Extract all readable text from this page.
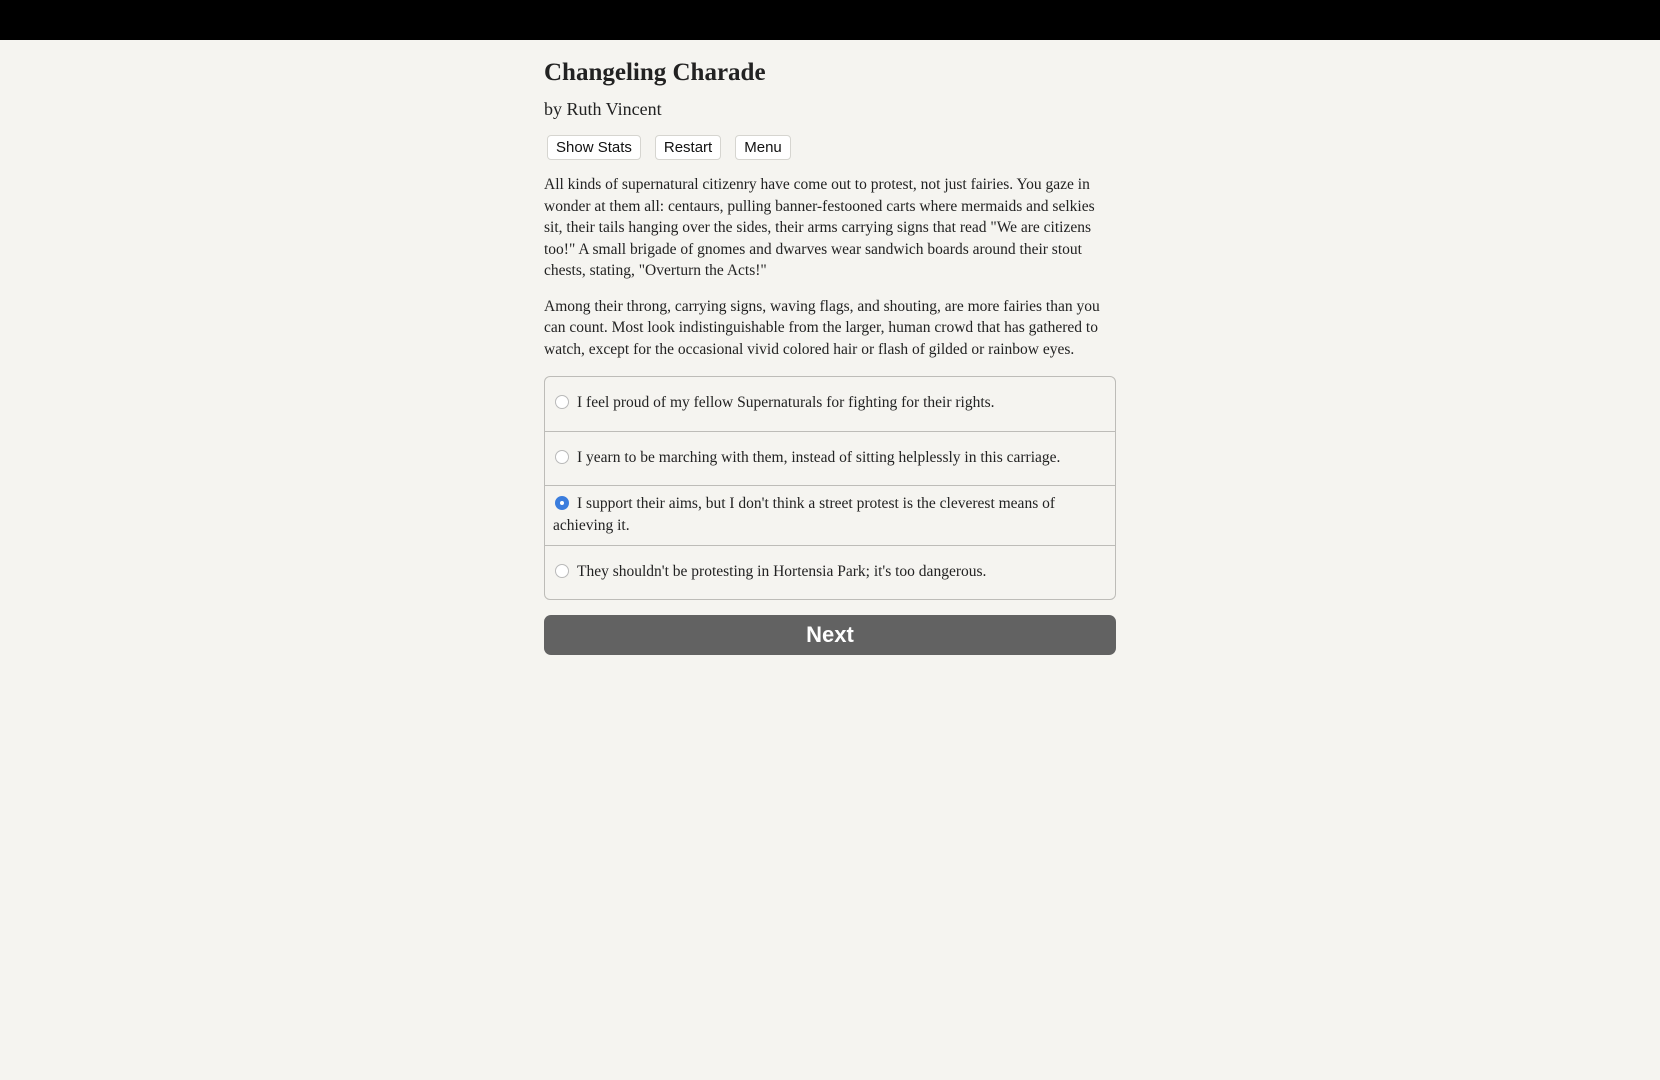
Changeling Charade
by Ruth Vincent
Show Stats	Restart	Menu

All kinds of supernatural citizenry have come out to protest, not just fairies. You gaze in wonder at them all: centaurs, pulling banner-festooned carts where mermaids and selkies sit, their tails hanging over the sides, their arms carrying signs that read "We are citizens too!" A small brigade of gnomes and dwarves wear sandwich boards around their stout chests, stating, "Overturn the Acts!"

Among their throng, carrying signs, waving flags, and shouting, are more fairies than you can count. Most look indistinguishable from the larger, human crowd that has gathered to watch, except for the occasional vivid colored hair or flash of gilded or rainbow eyes.

I feel proud of my fellow Supernaturals for fighting for their rights.
I yearn to be marching with them, instead of sitting helplessly in this carriage.
I support their aims, but I don't think a street protest is the cleverest means of achieving it.
They shouldn't be protesting in Hortensia Park; it's too dangerous.
Next
